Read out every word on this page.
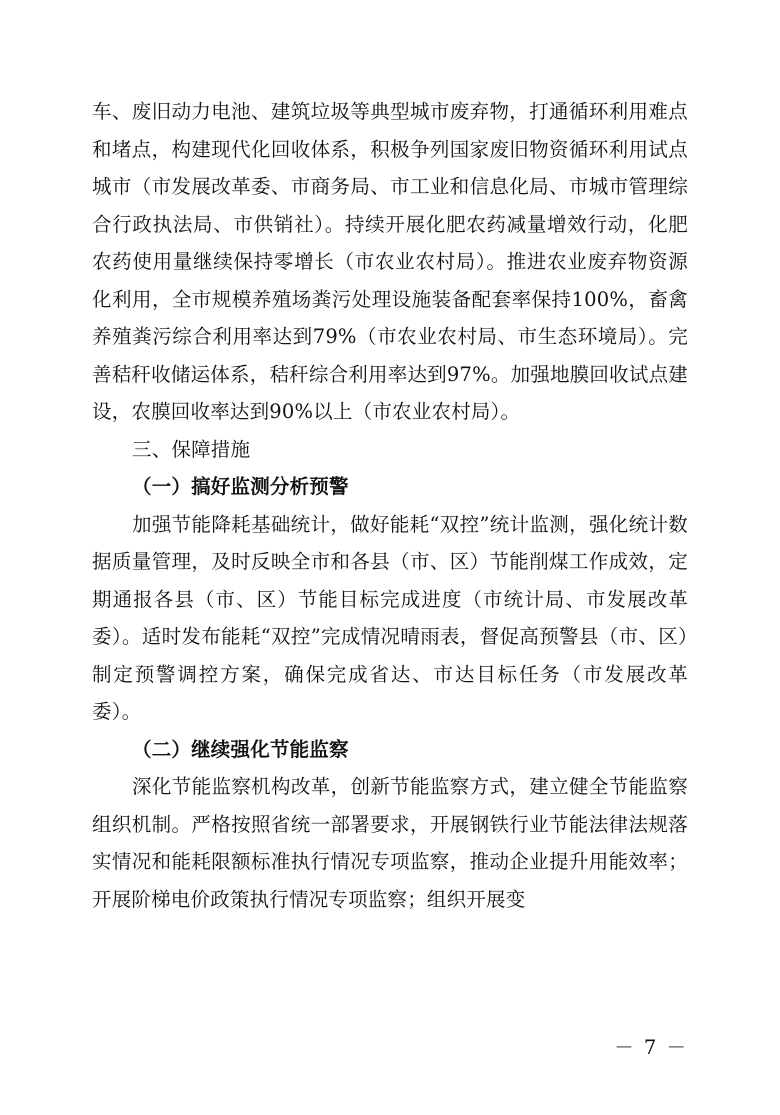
车、废旧动力电池、建筑垃圾等典型城市废弃物，打通循环利用难点和堵点，构建现代化回收体系，积极争列国家废旧物资循环利用试点城市（市发展改革委、市商务局、市工业和信息化局、市城市管理综合行政执法局、市供销社）。持续开展化肥农药减量增效行动，化肥农药使用量继续保持零增长（市农业农村局）。推进农业废弃物资源化利用，全市规模养殖场粪污处理设施装备配套率保持100%，畜禽养殖粪污综合利用率达到79%（市农业农村局、市生态环境局）。完善秸秆收储运体系，秸秆综合利用率达到97%。加强地膜回收试点建设，农膜回收率达到90%以上（市农业农村局）。

三、保障措施

（一）搞好监测分析预警

加强节能降耗基础统计，做好能耗“双控”统计监测，强化统计数据质量管理，及时反映全市和各县（市、区）节能削煤工作成效，定期通报各县（市、区）节能目标完成进度（市统计局、市发展改革委）。适时发布能耗“双控”完成情况晴雨表，督促高预警县（市、区）制定预警调控方案，确保完成省达、市达目标任务（市发展改革委）。

（二）继续强化节能监察

深化节能监察机构改革，创新节能监察方式，建立健全节能监察组织机制。严格按照省统一部署要求，开展钢铁行业节能法律法规落实情况和能耗限额标准执行情况专项监察，推动企业提升用能效率；开展阶梯电价政策执行情况专项监察；组织开展变

－ 7 －
